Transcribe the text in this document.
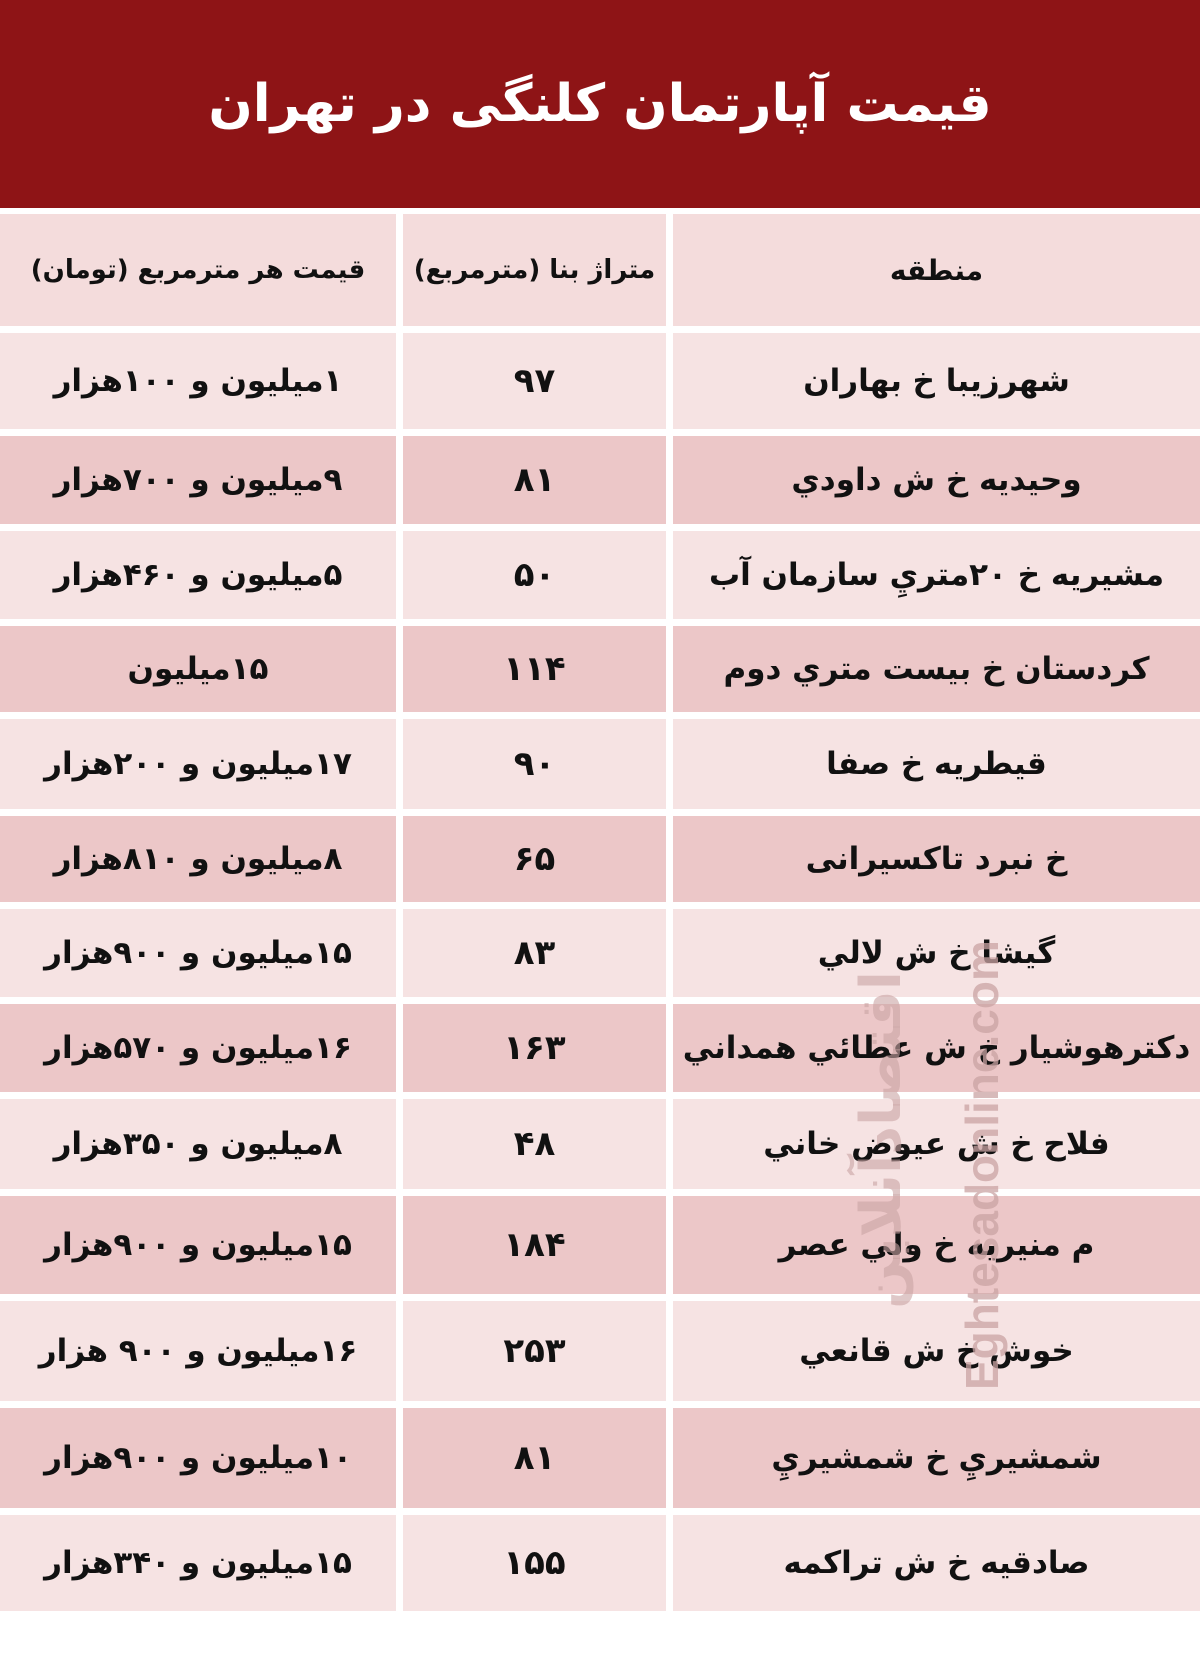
قیمت آپارتمان کلنگی در تهران
منطقه
متراژ بنا (مترمربع)
قیمت هر مترمربع (تومان)
شهرزیبا خ بهاران
۹۷
۱میلیون و ۱۰۰هزار
وحیدیه خ ش داودي
۸۱
۹میلیون و ۷۰۰هزار
مشیریه خ ۲۰متريِ سازمان آب
۵۰
۵میلیون و ۴۶۰هزار
کردستان خ بیست متري دوم
۱۱۴
۱۵میلیون
قیطریه خ صفا
۹۰
۱۷میلیون و ۲۰۰هزار
خ نبرد تاکسیرانی
۶۵
۸میلیون و ۸۱۰هزار
گیشا خ ش لالي
۸۳
۱۵میلیون و ۹۰۰هزار
دکترهوشیار خ ش عطائي همداني
۱۶۳
۱۶میلیون و ۵۷۰هزار
فلاح خ ش عیوض خاني
۴۸
۸میلیون و ۳۵۰هزار
م منیریه خ ولي عصر
۱۸۴
۱۵میلیون و ۹۰۰هزار
خوش خ ش قانعي
۲۵۳
۱۶میلیون و ۹۰۰ هزار
شمشیريِ خ شمشیريِ
۸۱
۱۰میلیون و ۹۰۰هزار
صادقیه خ ش تراکمه
۱۵۵
۱۵میلیون و ۳۴۰هزار
Eghtesadonline.com
اقتصادآنلاین
